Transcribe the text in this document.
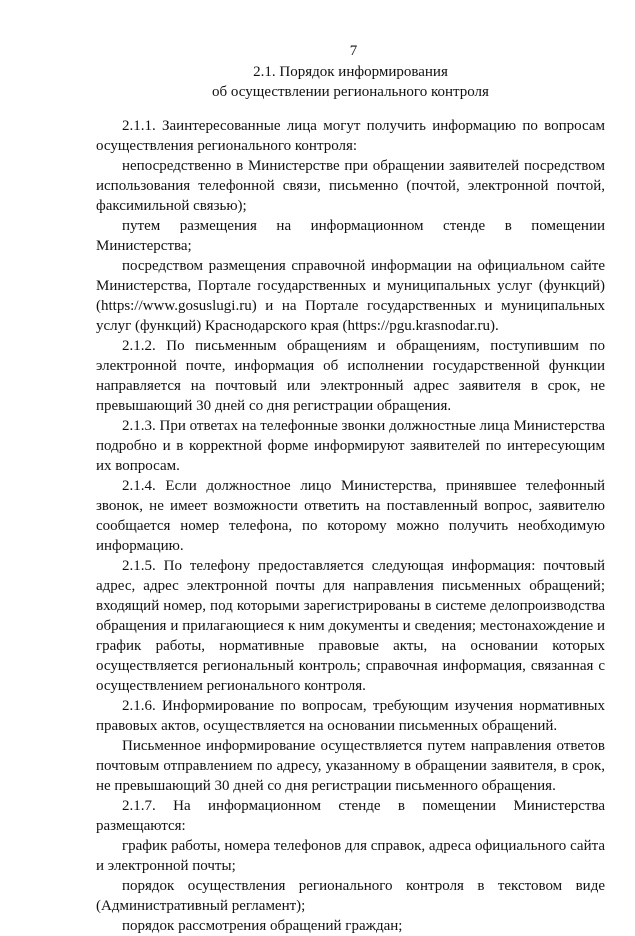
7
2.1. Порядок информирования
об осуществлении регионального контроля

2.1.1. Заинтересованные лица могут получить информацию по вопросам осуществления регионального контроля:

непосредственно в Министерстве при обращении заявителей посредством использования телефонной связи, письменно (почтой, электронной почтой, факсимильной связью);

путем размещения на информационном стенде в помещении Министерства;

посредством размещения справочной информации на официальном сайте Министерства, Портале государственных и муниципальных услуг (функций) (https://www.gosuslugi.ru) и на Портале государственных и муниципальных услуг (функций) Краснодарского края (https://pgu.krasnodar.ru).

2.1.2. По письменным обращениям и обращениям, поступившим по электронной почте, информация об исполнении государственной функции направляется на почтовый или электронный адрес заявителя в срок, не превышающий 30 дней со дня регистрации обращения.

2.1.3. При ответах на телефонные звонки должностные лица Министерства подробно и в корректной форме информируют заявителей по интересующим их вопросам.

2.1.4. Если должностное лицо Министерства, принявшее телефонный звонок, не имеет возможности ответить на поставленный вопрос, заявителю сообщается номер телефона, по которому можно получить необходимую информацию.

2.1.5. По телефону предоставляется следующая информация: почтовый адрес, адрес электронной почты для направления письменных обращений; входящий номер, под которыми зарегистрированы в системе делопроизводства обращения и прилагающиеся к ним документы и сведения; местонахождение и график работы, нормативные правовые акты, на основании которых осуществляется региональный контроль; справочная информация, связанная с осуществлением регионального контроля.

2.1.6. Информирование по вопросам, требующим изучения нормативных правовых актов, осуществляется на основании письменных обращений.

Письменное информирование осуществляется путем направления ответов почтовым отправлением по адресу, указанному в обращении заявителя, в срок, не превышающий 30 дней со дня регистрации письменного обращения.

2.1.7. На информационном стенде в помещении Министерства размещаются:

график работы, номера телефонов для справок, адреса официального сайта и электронной почты;

порядок осуществления регионального контроля в текстовом виде (Административный регламент);

порядок рассмотрения обращений граждан;
